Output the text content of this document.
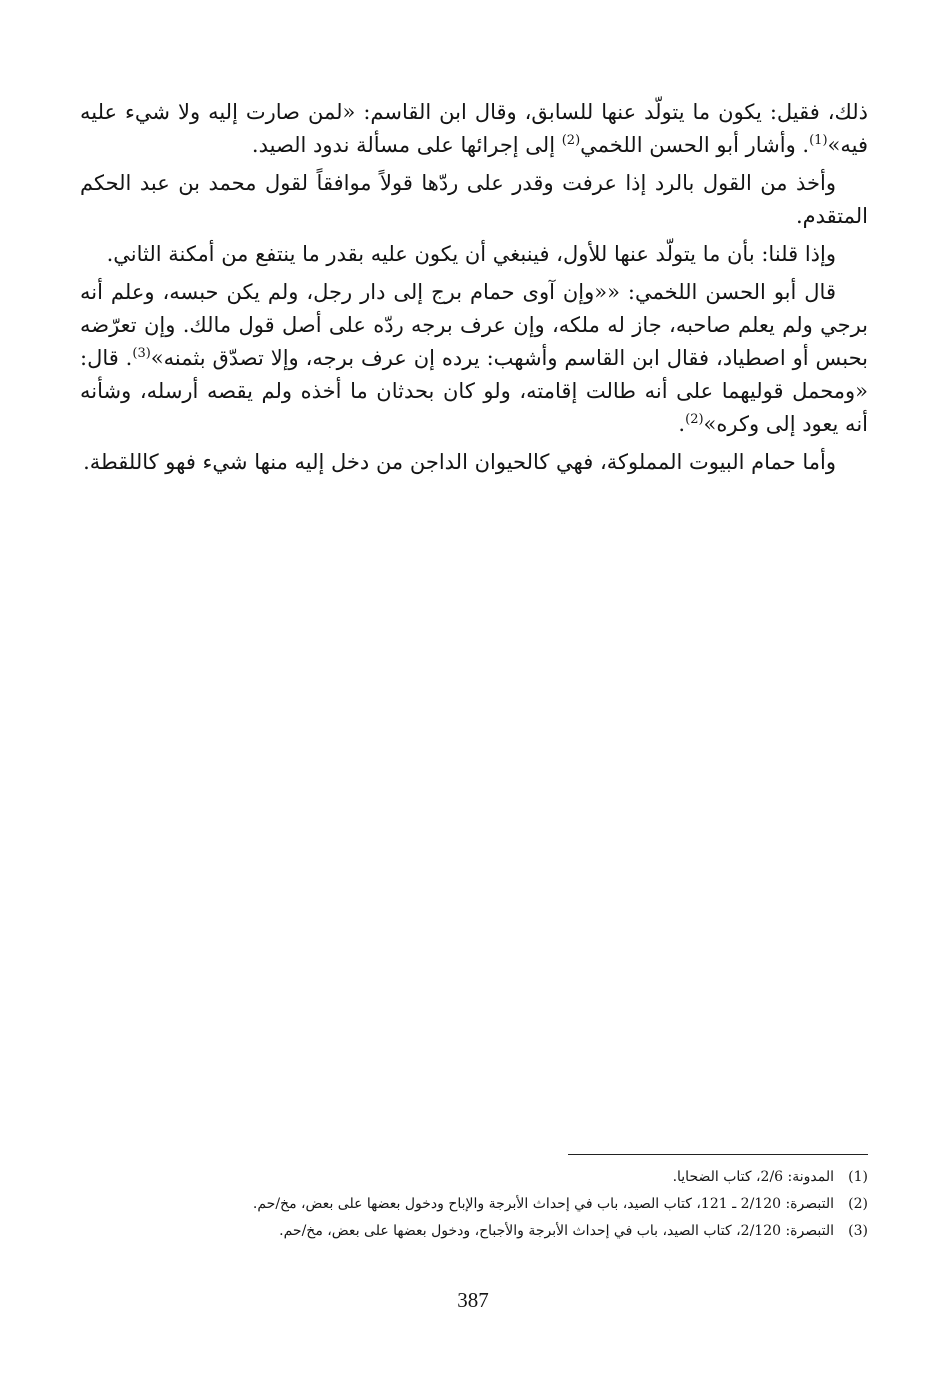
ذلك، فقيل: يكون ما يتولّد عنها للسابق، وقال ابن القاسم: «لمن صارت إليه ولا شيء عليه فيه»$^{(1)}$. وأشار أبو الحسن اللخمي$^{(2)}$ إلى إجرائها على مسألة ندود الصيد.

وأخذ من القول بالرد إذا عرفت وقدر على ردّها قولاً موافقاً لقول محمد بن عبد الحكم المتقدم.

وإذا قلنا: بأن ما يتولّد عنها للأول، فينبغي أن يكون عليه بقدر ما ينتفع من أمكنة الثاني.

قال أبو الحسن اللخمي: ««وإن آوى حمام برج إلى دار رجل، ولم يكن حبسه، وعلم أنه برجي ولم يعلم صاحبه، جاز له ملكه، وإن عرف برجه ردّه على أصل قول مالك. وإن تعرّضه بحبس أو اصطياد، فقال ابن القاسم وأشهب: يرده إن عرف برجه، وإلا تصدّق بثمنه»$^{(3)}$. قال: «ومحمل قوليهما على أنه طالت إقامته، ولو كان بحدثان ما أخذه ولم يقصه أرسله، وشأنه أنه يعود إلى وكره»$^{(2)}$.

وأما حمام البيوت المملوكة، فهي كالحيوان الداجن من دخل إليه منها شيء فهو كاللقطة.

(1)
المدونة: 2/6، كتاب الضحايا.
(2)
التبصرة: 2/120 ـ 121، كتاب الصيد، باب في إحداث الأبرجة والإباح ودخول بعضها على بعض، مخ/حم.
(3)
التبصرة: 2/120، كتاب الصيد، باب في إحداث الأبرجة والأجباح، ودخول بعضها على بعض، مخ/حم.
387
